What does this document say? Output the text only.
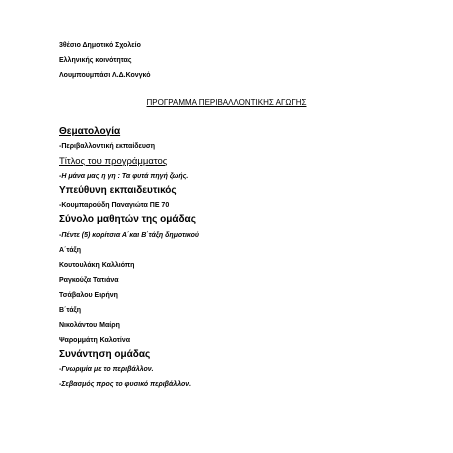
3θέσιο Δημοτικό Σχολείο
Ελληνικής κοινότητας
Λουμπουμπάσι Λ.Δ.Κονγκό
ΠΡΟΓΡΑΜΜΑ ΠΕΡΙΒΑΛΛΟΝΤΙΚΗΣ ΑΓΩΓΗΣ
Θεματολογία
-Περιβαλλοντική εκπαίδευση
Τίτλος του προγράμματος
-Η μάνα μας η γη : Τα φυτά πηγή ζωής.
Υπεύθυνη εκπαιδευτικός
-Κουμπαρούδη Παναγιώτα ΠΕ 70
Σύνολο μαθητών της ομάδας
-Πέντε (5) κορίτσια Α΄και Β΄τάξη δημοτικού
Α΄τάξη
Κουτουλάκη Καλλιόπη
Ραγκούζα Τατιάνα
Τσάβαλου Ειρήνη
Β΄τάξη
Νικολάντου Μαίρη
Ψαρομμάτη Καλοτίνα
Συνάντηση ομάδας
-Γνωριμία με το περιβάλλον.
-Σεβασμός προς το φυσικό περιβάλλον.
